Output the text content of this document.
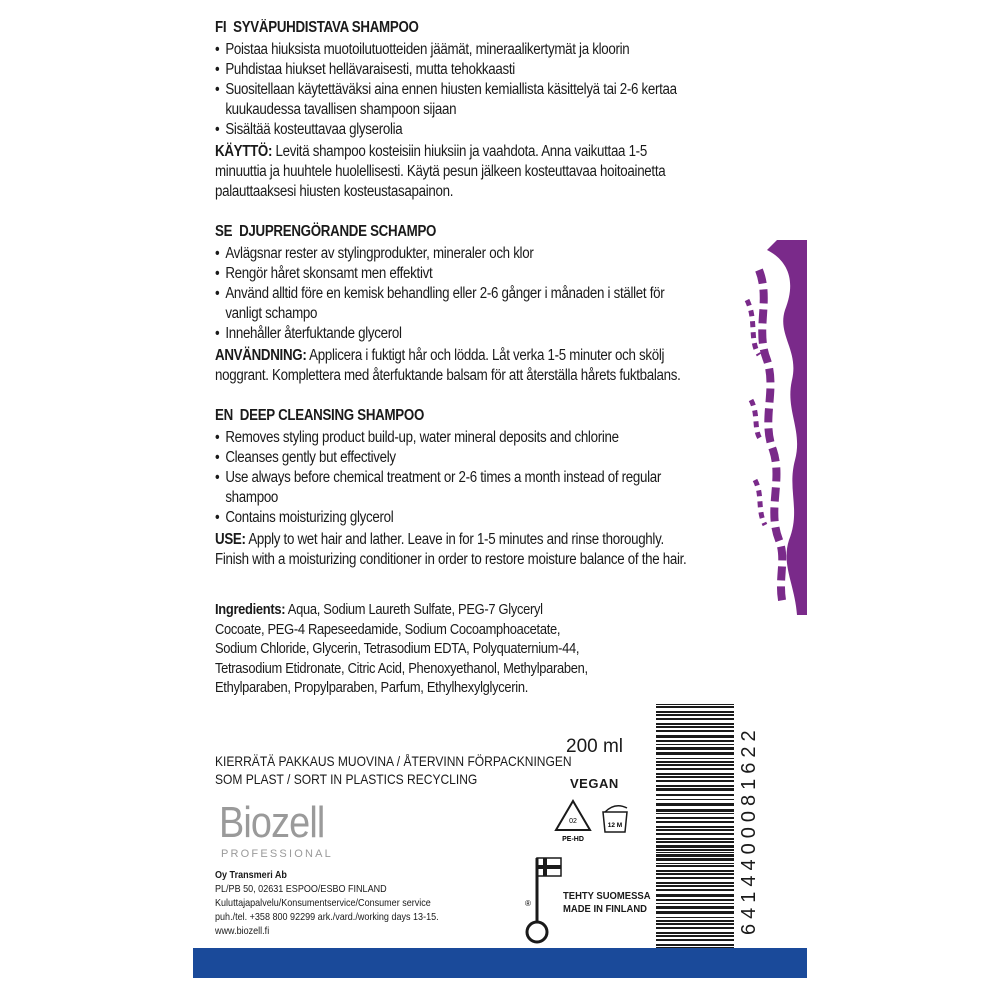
FI SYVÄPUHDISTAVA SHAMPOO
• Poistaa hiuksista muotoilutuotteiden jäämät, mineraalikertymät ja kloorin
• Puhdistaa hiukset hellävaraisesti, mutta tehokkaasti
• Suositellaan käytettäväksi aina ennen hiusten kemiallista käsittelyä tai 2-6 kertaa kuukaudessa tavallisen shampoon sijaan
• Sisältää kosteuttavaa glyserolia

KÄYTTÖ: Levitä shampoo kosteisiin hiuksiin ja vaahdota. Anna vaikuttaa 1-5 minuuttia ja huuhtele huolellisesti. Käytä pesun jälkeen kosteuttavaa hoitoainetta palauttaaksesi hiusten kosteustasapainon.

SE DJUPRENGÖRANDE SCHAMPO
• Avlägsnar rester av stylingprodukter, mineraler och klor
• Rengör håret skonsamt men effektivt
• Använd alltid före en kemisk behandling eller 2-6 gånger i månaden i stället för vanligt schampo
• Innehåller återfuktande glycerol

ANVÄNDNING: Applicera i fuktigt hår och lödda. Låt verka 1-5 minuter och skölj noggrant. Komplettera med återfuktande balsam för att återställa hårets fuktbalans.

EN DEEP CLEANSING SHAMPOO
• Removes styling product build-up, water mineral deposits and chlorine
• Cleanses gently but effectively
• Use always before chemical treatment or 2-6 times a month instead of regular shampoo
• Contains moisturizing glycerol

USE: Apply to wet hair and lather. Leave in for 1-5 minutes and rinse thoroughly. Finish with a moisturizing conditioner in order to restore moisture balance of the hair.

Ingredients: Aqua, Sodium Laureth Sulfate, PEG-7 Glyceryl Cocoate, PEG-4 Rapeseedamide, Sodium Cocoamphoacetate, Sodium Chloride, Glycerin, Tetrasodium EDTA, Polyquaternium-44, Tetrasodium Etidronate, Citric Acid, Phenoxyethanol, Methylparaben, Ethylparaben, Propylparaben, Parfum, Ethylhexylglycerin.

KIERRÄTÄ PAKKAUS MUOVINA / ÅTERVINN FÖRPACKNINGEN
SOM PLAST / SORT IN PLASTICS RECYCLING
200 ml
VEGAN
02
PE-HD
12 M
Biozell
PROFESSIONAL
Oy Transmeri Ab
PL/PB 50, 02631 ESPOO/ESBO FINLAND
Kuluttajapalvelu/Konsumentservice/Consumer service
puh./tel. +358 800 92299 ark./vard./working days 13-15.
www.biozell.fi
®
TEHTY SUOMESSA
MADE IN FINLAND	6414400081622
